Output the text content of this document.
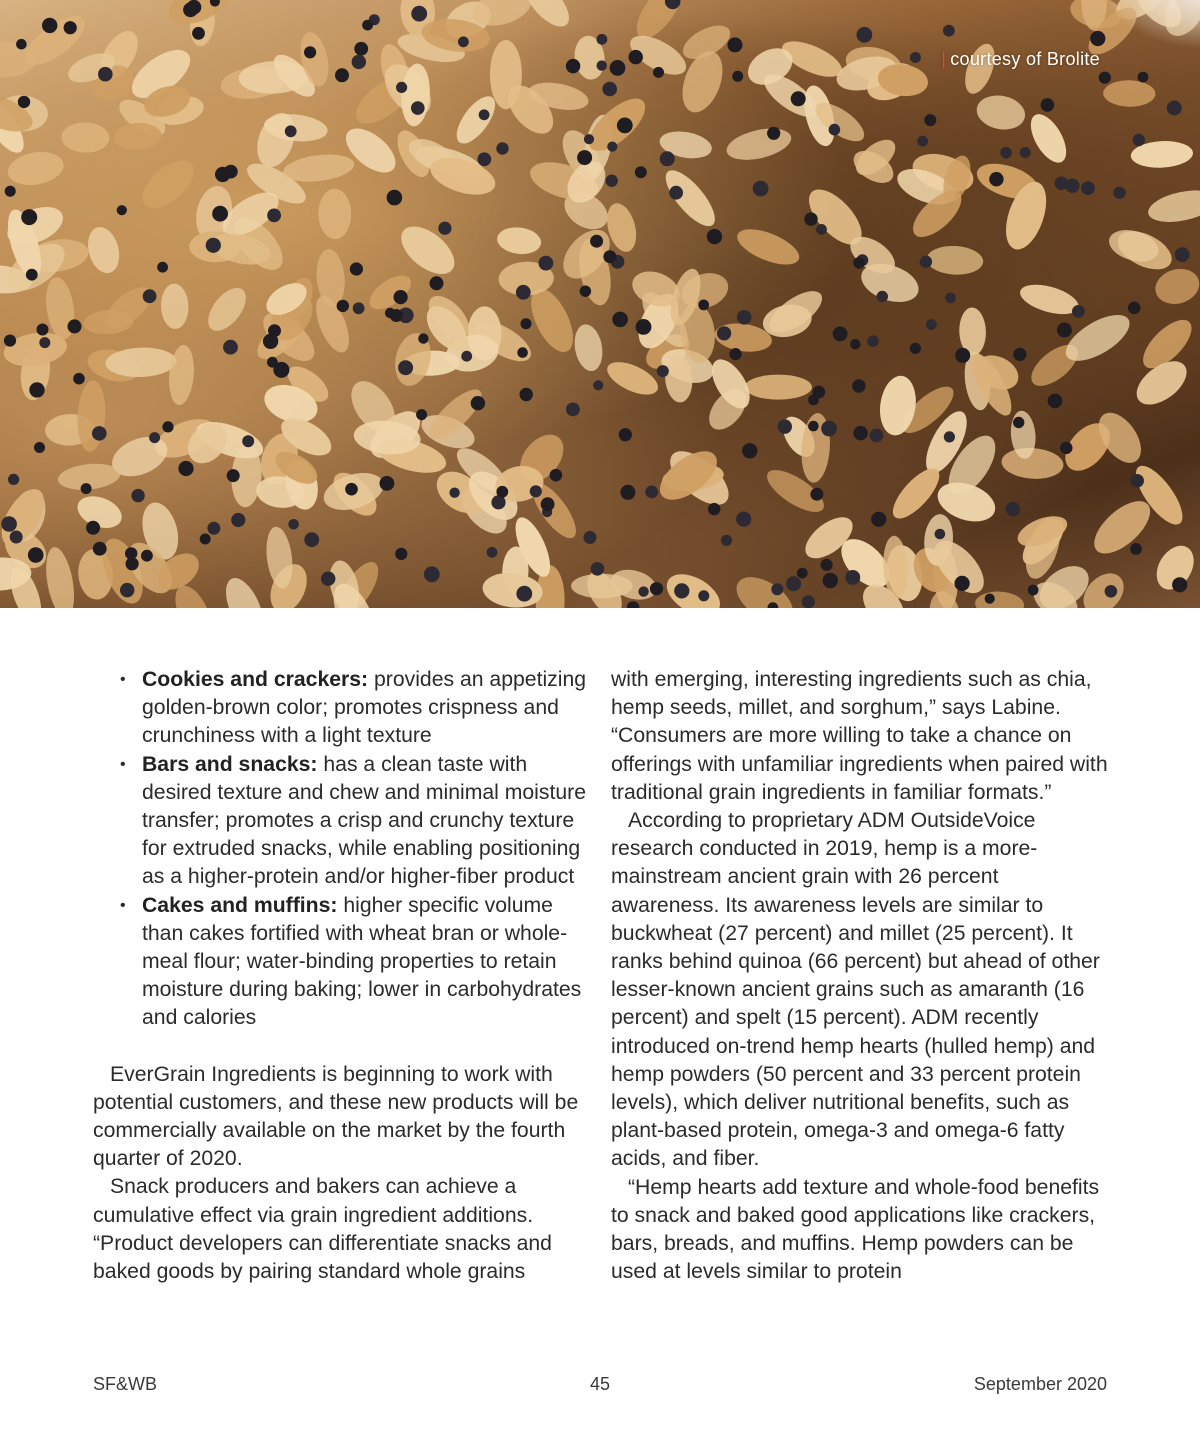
| courtesy of Brolite
• Cookies and crackers: provides an appetizing golden-brown color; promotes crispness and crunchiness with a light texture
• Bars and snacks: has a clean taste with desired texture and chew and minimal moisture transfer; promotes a crisp and crunchy texture for extruded snacks, while enabling positioning as a higher-protein and/or higher-fiber product
• Cakes and muffins: higher specific volume than cakes fortified with wheat bran or whole-meal flour; water-binding properties to retain moisture during baking; lower in carbohydrates and calories

EverGrain Ingredients is beginning to work with potential customers, and these new products will be commercially available on the market by the fourth quarter of 2020.

Snack producers and bakers can achieve a cumulative effect via grain ingredient additions. “Product developers can differentiate snacks and baked goods by pairing standard whole grains

with emerging, interesting ingredients such as chia, hemp seeds, millet, and sorghum,” says Labine. “Consumers are more willing to take a chance on offerings with unfamiliar ingredients when paired with traditional grain ingredients in familiar formats.”

According to proprietary ADM OutsideVoice research conducted in 2019, hemp is a more-mainstream ancient grain with 26 percent awareness. Its awareness levels are similar to buckwheat (27 percent) and millet (25 percent). It ranks behind quinoa (66 percent) but ahead of other lesser-known ancient grains such as amaranth (16 percent) and spelt (15 percent). ADM recently introduced on-trend hemp hearts (hulled hemp) and hemp powders (50 percent and 33 percent protein levels), which deliver nutritional benefits, such as plant-based protein, omega-3 and omega-6 fatty acids, and fiber.

“Hemp hearts add texture and whole-food benefits to snack and baked good applications like crackers, bars, breads, and muffins. Hemp powders can be used at levels similar to protein

SF&WB	45	September 2020
